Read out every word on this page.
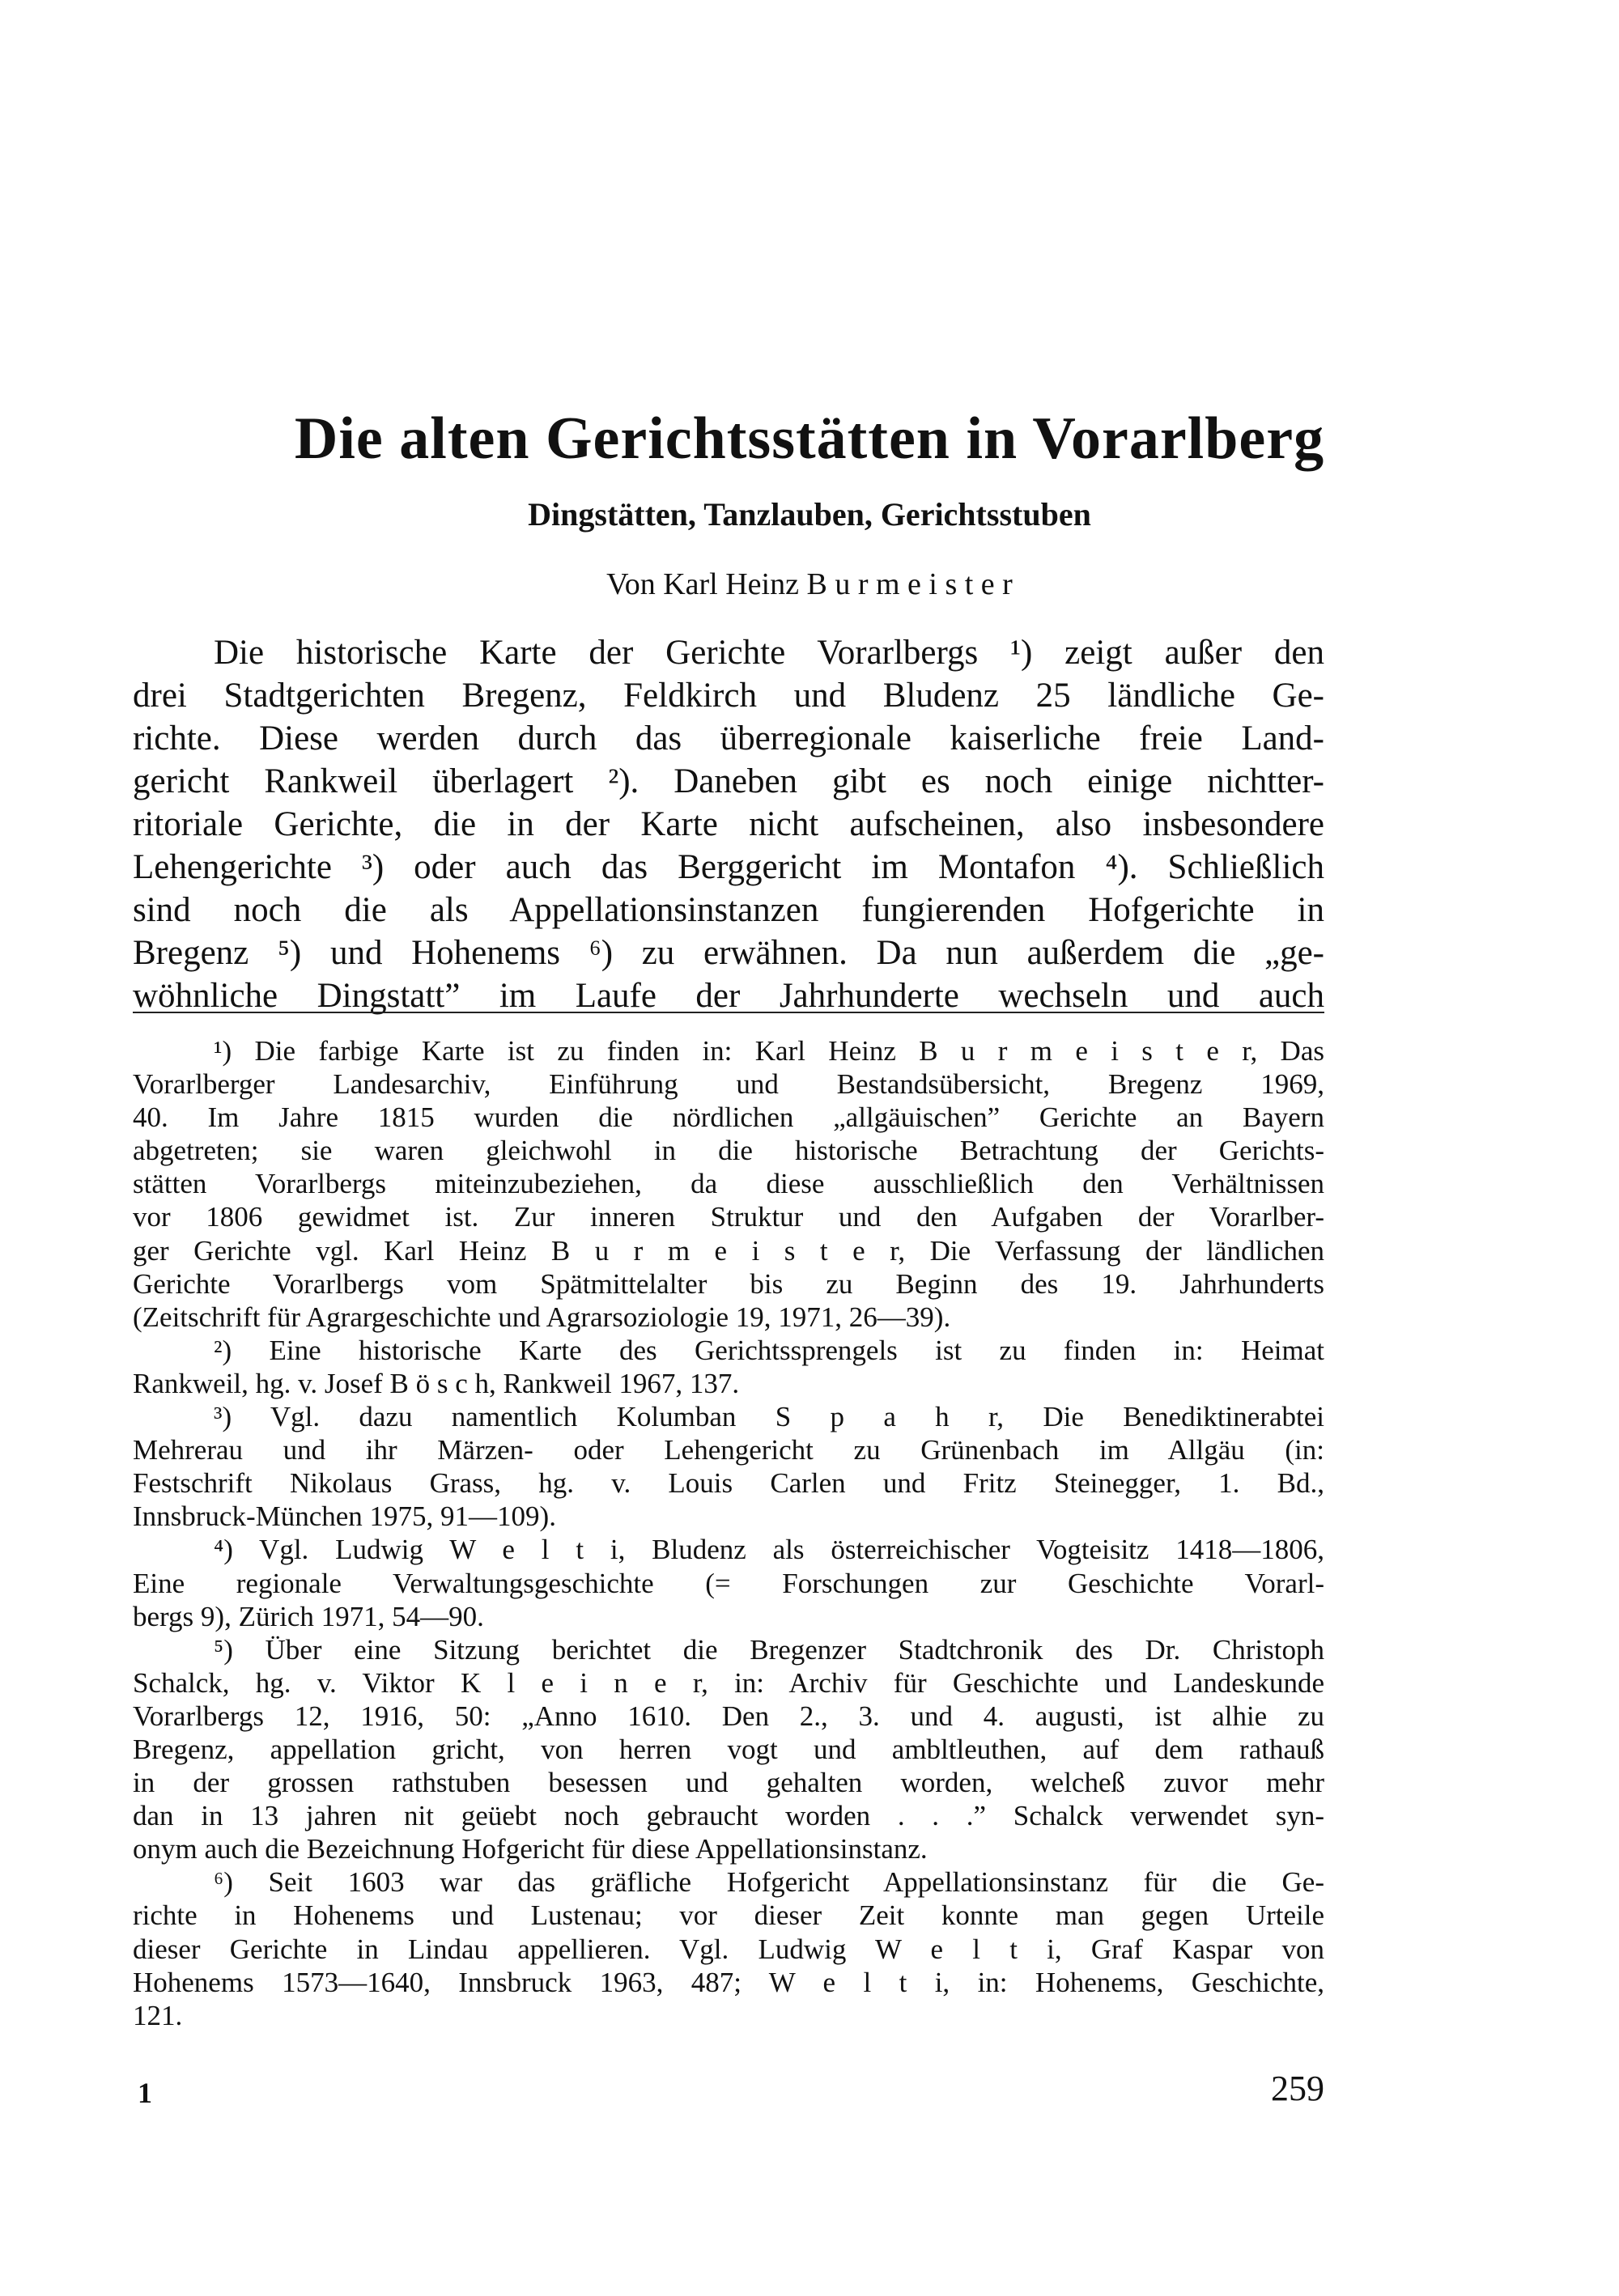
Die alten Gerichtsstätten in Vorarlberg
Dingstätten, Tanzlauben, Gerichtsstuben
Von Karl Heinz B u r m e i s t e r
Die historische Karte der Gerichte Vorarlbergs ¹) zeigt außer den
drei Stadtgerichten Bregenz, Feldkirch und Bludenz 25 ländliche Ge-
richte. Diese werden durch das überregionale kaiserliche freie Land-
gericht Rankweil überlagert ²). Daneben gibt es noch einige nichtter-
ritoriale Gerichte, die in der Karte nicht aufscheinen, also insbesondere
Lehengerichte ³) oder auch das Berggericht im Montafon ⁴). Schließlich
sind noch die als Appellationsinstanzen fungierenden Hofgerichte in
Bregenz ⁵) und Hohenems ⁶) zu erwähnen. Da nun außerdem die „ge-
wöhnliche Dingstatt” im Laufe der Jahrhunderte wechseln und auch
¹) Die farbige Karte ist zu finden in: Karl Heinz B u r m e i s t e r, Das
Vorarlberger Landesarchiv, Einführung und Bestandsübersicht, Bregenz 1969,
40. Im Jahre 1815 wurden die nördlichen „allgäuischen” Gerichte an Bayern
abgetreten; sie waren gleichwohl in die historische Betrachtung der Gerichts-
stätten Vorarlbergs miteinzubeziehen, da diese ausschließlich den Verhältnissen
vor 1806 gewidmet ist. Zur inneren Struktur und den Aufgaben der Vorarlber-
ger Gerichte vgl. Karl Heinz B u r m e i s t e r, Die Verfassung der ländlichen
Gerichte Vorarlbergs vom Spätmittelalter bis zu Beginn des 19. Jahrhunderts
(Zeitschrift für Agrargeschichte und Agrarsoziologie 19, 1971, 26—39).
²) Eine historische Karte des Gerichtssprengels ist zu finden in: Heimat
Rankweil, hg. v. Josef B ö s c h, Rankweil 1967, 137.
³) Vgl. dazu namentlich Kolumban S p a h r, Die Benediktinerabtei
Mehrerau und ihr Märzen- oder Lehengericht zu Grünenbach im Allgäu (in:
Festschrift Nikolaus Grass, hg. v. Louis Carlen und Fritz Steinegger, 1. Bd.,
Innsbruck-München 1975, 91—109).
⁴) Vgl. Ludwig W e l t i, Bludenz als österreichischer Vogteisitz 1418—1806,
Eine regionale Verwaltungsgeschichte (= Forschungen zur Geschichte Vorarl-
bergs 9), Zürich 1971, 54—90.
⁵) Über eine Sitzung berichtet die Bregenzer Stadtchronik des Dr. Christoph
Schalck, hg. v. Viktor K l e i n e r, in: Archiv für Geschichte und Landeskunde
Vorarlbergs 12, 1916, 50: „Anno 1610. Den 2., 3. und 4. augusti, ist alhie zu
Bregenz, appellation gricht, von herren vogt und ambltleuthen, auf dem rathauß
in der grossen rathstuben besessen und gehalten worden, welcheß zuvor mehr
dan in 13 jahren nit geüebt noch gebraucht worden . . .” Schalck verwendet syn-
onym auch die Bezeichnung Hofgericht für diese Appellationsinstanz.
⁶) Seit 1603 war das gräfliche Hofgericht Appellationsinstanz für die Ge-
richte in Hohenems und Lustenau; vor dieser Zeit konnte man gegen Urteile
dieser Gerichte in Lindau appellieren. Vgl. Ludwig W e l t i, Graf Kaspar von
Hohenems 1573—1640, Innsbruck 1963, 487; W e l t i, in: Hohenems, Geschichte,
121.
1	259
